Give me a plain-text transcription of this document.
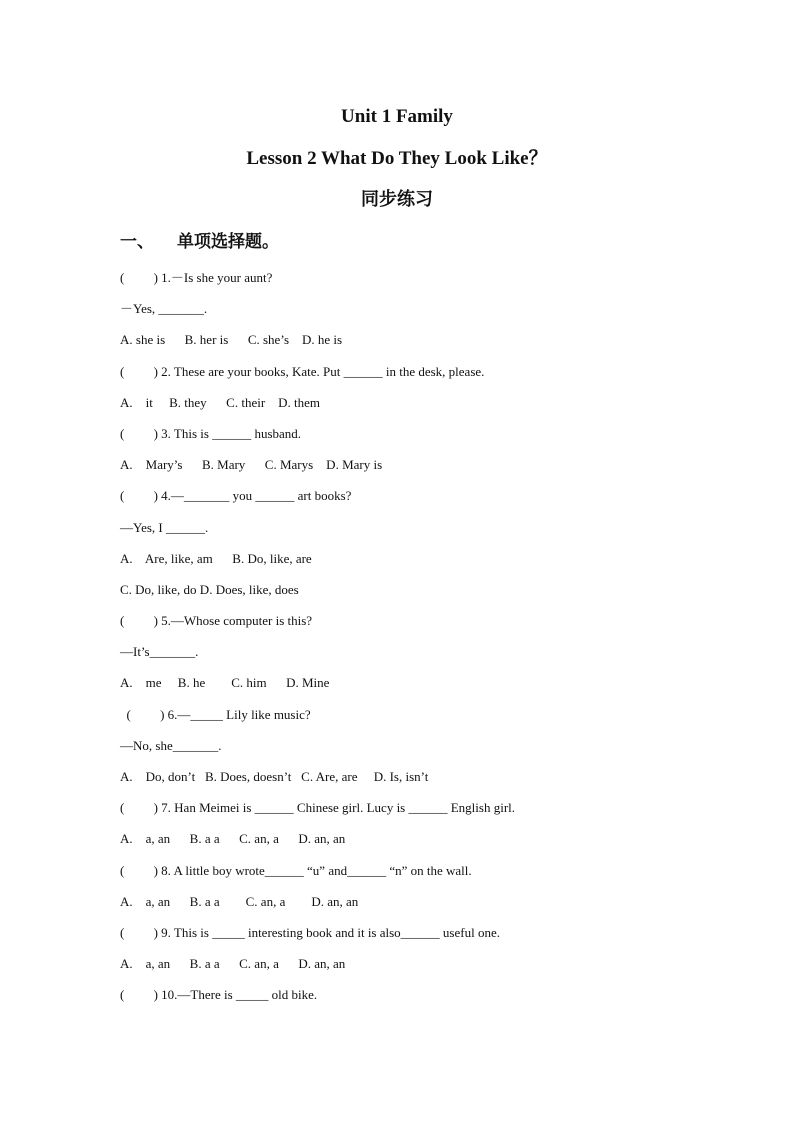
Unit 1 Family
Lesson 2 What Do They Look Like？
同步练习
一、 单项选择题。
(         ) 1.－Is she your aunt?
－Yes, _______.
A. she is      B. her is      C. she’s    D. he is
(         ) 2. These are your books, Kate. Put ______ in the desk, please.
A.    it     B. they      C. their    D. them
(         ) 3. This is ______ husband.
A.    Mary’s      B. Mary      C. Marys    D. Mary is
(         ) 4.—_______ you ______ art books?
—Yes, I ______.
A.    Are, like, am      B. Do, like, are
C. Do, like, do D. Does, like, does
(         ) 5.—Whose computer is this?
—It’s_______.
A.    me     B. he        C. him      D. Mine
(         ) 6.—_____ Lily like music?
—No, she_______.
A.    Do, don’t   B. Does, doesn’t   C. Are, are     D. Is, isn’t
(         ) 7. Han Meimei is ______ Chinese girl. Lucy is ______ English girl.
A.    a, an      B. a a      C. an, a      D. an, an
(         ) 8. A little boy wrote______ “u” and______ “n” on the wall.
A.    a, an      B. a a        C. an, a        D. an, an
(         ) 9. This is _____ interesting book and it is also______ useful one.
A.    a, an      B. a a      C. an, a      D. an, an
(         ) 10.—There is _____ old bike.
